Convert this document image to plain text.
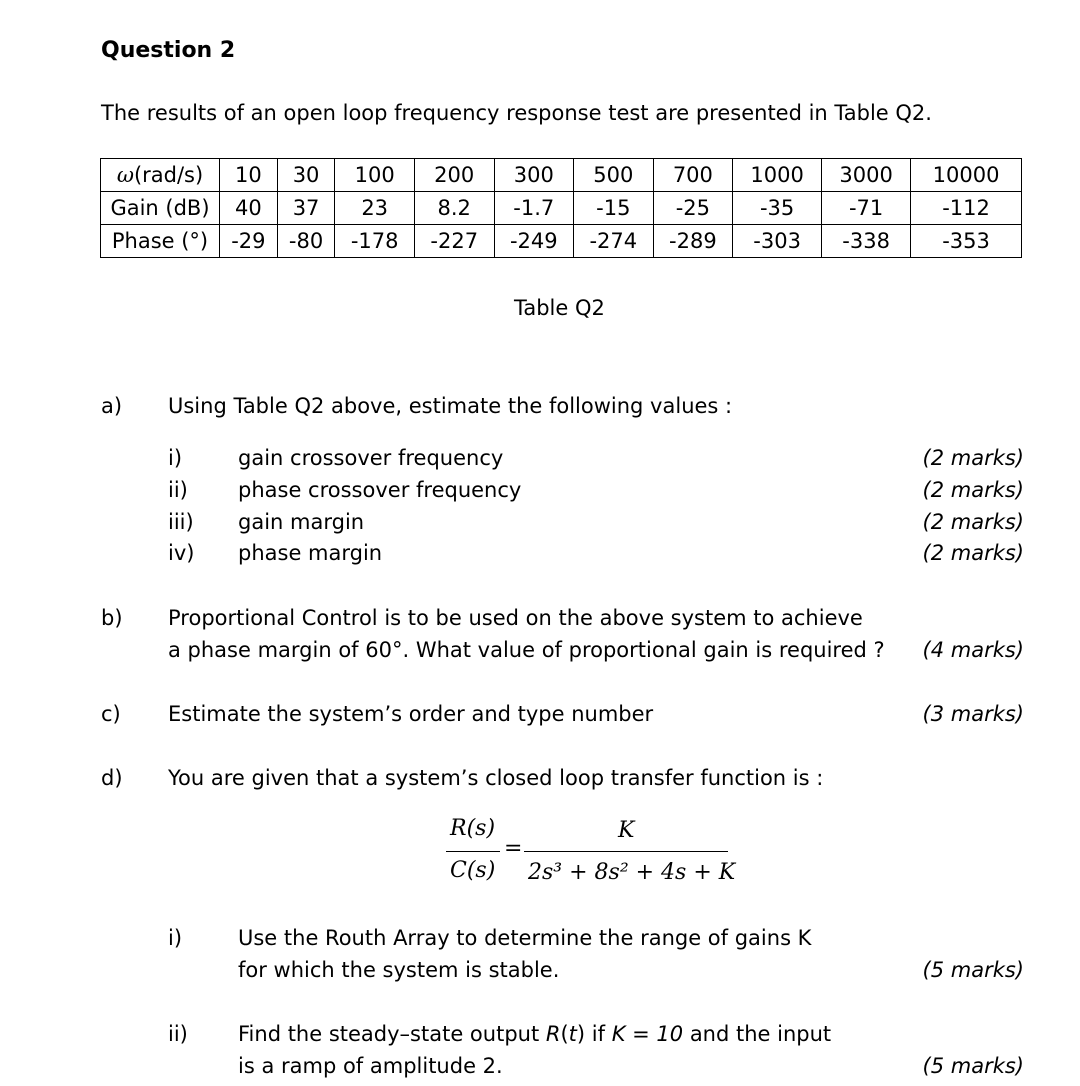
Question 2
The results of an open loop frequency response test are presented in Table Q2.
ω(rad/s)	10	30	100	200	300	500	700	1000	3000	10000
Gain (dB)	40	37	23	8.2	-1.7	-15	-25	-35	-71	-112
Phase (°)	-29	-80	-178	-227	-249	-274	-289	-303	-338	-353
Table Q2
a) Using Table Q2 above, estimate the following values :
i)	gain crossover frequency	(2 marks)
ii) phase crossover frequency	(2 marks)
iii) gain margin	(2 marks)
iv) phase margin	(2 marks)
b) Proportional Control is to be used on the above system to achieve
a phase margin of 60°. What value of proportional gain is required ? (4 marks)
c) Estimate the system’s order and type number	(3 marks)
d) You are given that a system’s closed loop transfer function is :
R(s)
C(s)
=
K
2s³ + 8s² + 4s + K
i)	Use the Routh Array to determine the range of gains K
for which the system is stable.	(5 marks)
ii) Find the steady–state output R(t) if K = 10 and the input
is a ramp of amplitude 2.	(5 marks)
